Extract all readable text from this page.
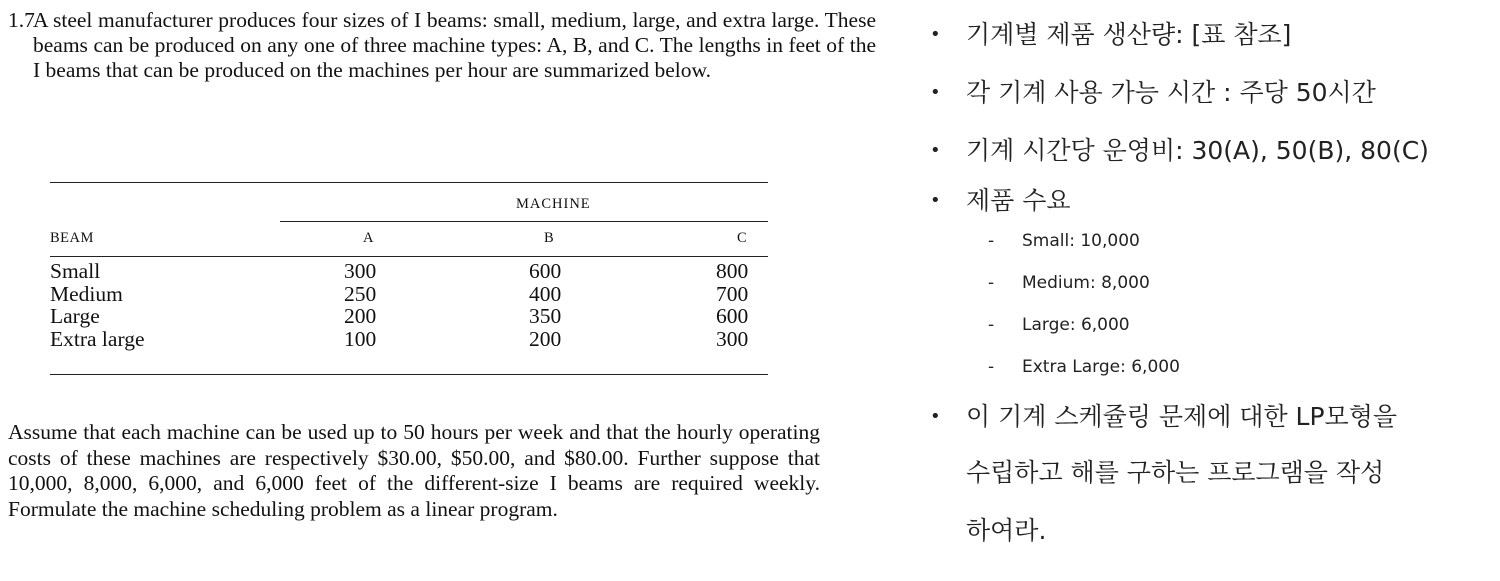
1.7
A steel manufacturer produces four sizes of I beams: small, medium, large, and extra large. These beams can be produced on any one of three machine types: A, B, and C. The lengths in feet of the I beams that can be produced on the machines per hour are summarized below.
MACHINE
BEAM	A	B	C
Small	300	600	800
Medium	250	400	700
Large	200	350	600
Extra large	100	200	300
Assume that each machine can be used up to 50 hours per week and that the hourly operating costs of these machines are respectively $30.00, $50.00, and $80.00. Further suppose that 10,000, 8,000, 6,000, and 6,000 feet of the different-size I beams are required weekly. Formulate the machine scheduling problem as a linear program.
• 기계별 제품 생산량: [표 참조]
• 각 기계 사용 가능 시간 : 주당 50시간
• 기계 시간당 운영비: 30(A), 50(B), 80(C)
• 제품 수요
- Small: 10,000
- Medium: 8,000
- Large: 6,000
- Extra Large: 6,000
• 이 기계 스케쥴링 문제에 대한 LP모형을
수립하고 해를 구하는 프로그램을 작성
하여라.
